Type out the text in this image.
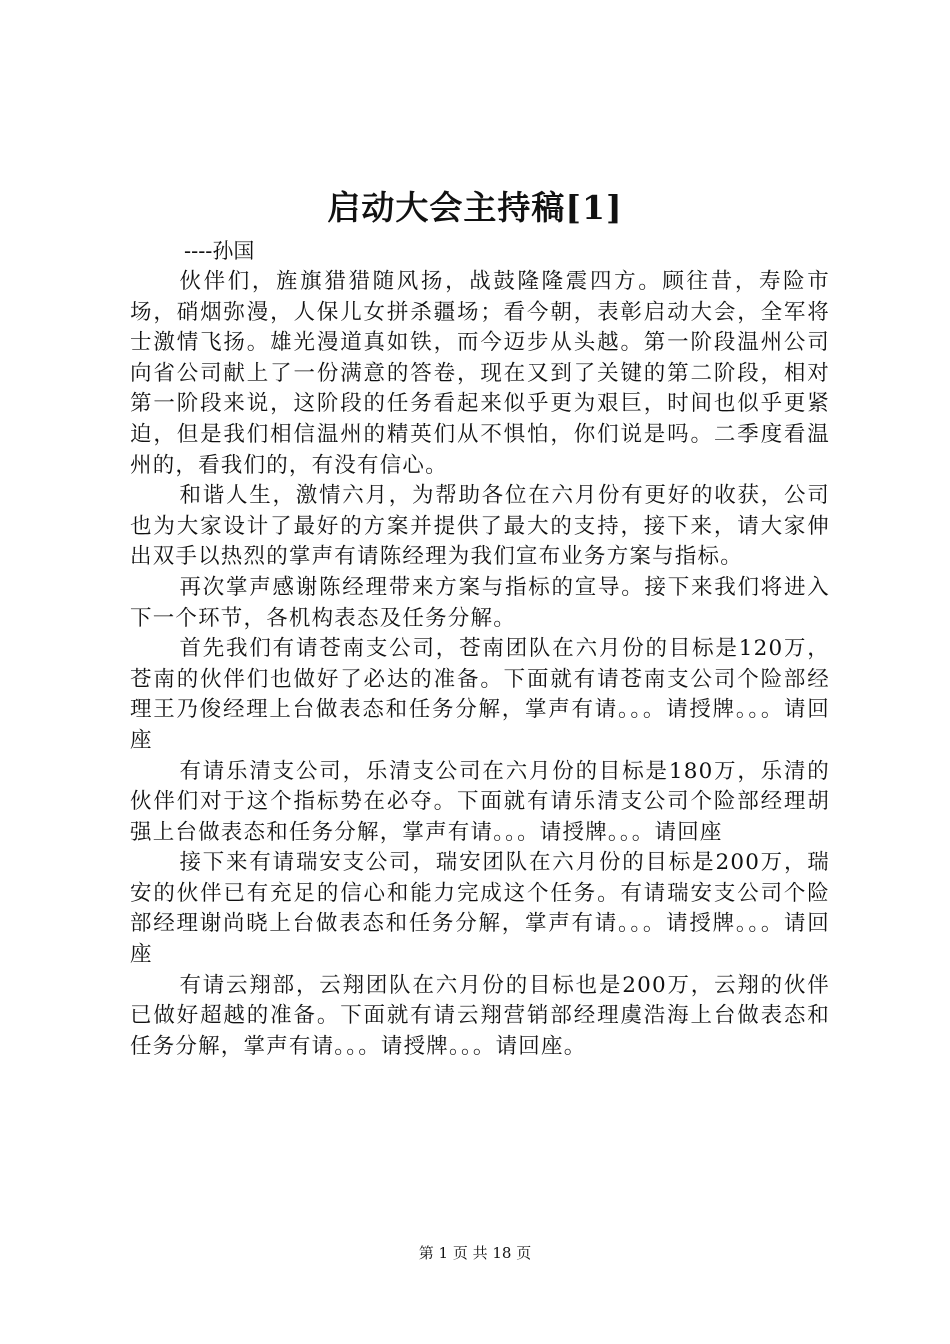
启动大会主持稿[1]
----孙国

伙伴们，旌旗猎猎随风扬，战鼓隆隆震四方。顾往昔，寿险市场，硝烟弥漫，人保儿女拼杀疆场；看今朝，表彰启动大会，全军将士激情飞扬。雄光漫道真如铁，而今迈步从头越。第一阶段温州公司向省公司献上了一份满意的答卷，现在又到了关键的第二阶段，相对第一阶段来说，这阶段的任务看起来似乎更为艰巨，时间也似乎更紧迫，但是我们相信温州的精英们从不惧怕，你们说是吗。二季度看温州的，看我们的，有没有信心。

和谐人生，激情六月，为帮助各位在六月份有更好的收获，公司也为大家设计了最好的方案并提供了最大的支持，接下来，请大家伸出双手以热烈的掌声有请陈经理为我们宣布业务方案与指标。

再次掌声感谢陈经理带来方案与指标的宣导。接下来我们将进入下一个环节，各机构表态及任务分解。

首先我们有请苍南支公司，苍南团队在六月份的目标是120万，苍南的伙伴们也做好了必达的准备。下面就有请苍南支公司个险部经理王乃俊经理上台做表态和任务分解，掌声有请。。。请授牌。。。请回座

有请乐清支公司，乐清支公司在六月份的目标是180万，乐清的伙伴们对于这个指标势在必夺。下面就有请乐清支公司个险部经理胡强上台做表态和任务分解，掌声有请。。。请授牌。。。请回座

接下来有请瑞安支公司，瑞安团队在六月份的目标是200万，瑞安的伙伴已有充足的信心和能力完成这个任务。有请瑞安支公司个险部经理谢尚晓上台做表态和任务分解，掌声有请。。。请授牌。。。请回座

有请云翔部，云翔团队在六月份的目标也是200万，云翔的伙伴已做好超越的准备。下面就有请云翔营销部经理虞浩海上台做表态和任务分解，掌声有请。。。请授牌。。。请回座。

第 1 页 共 18 页
